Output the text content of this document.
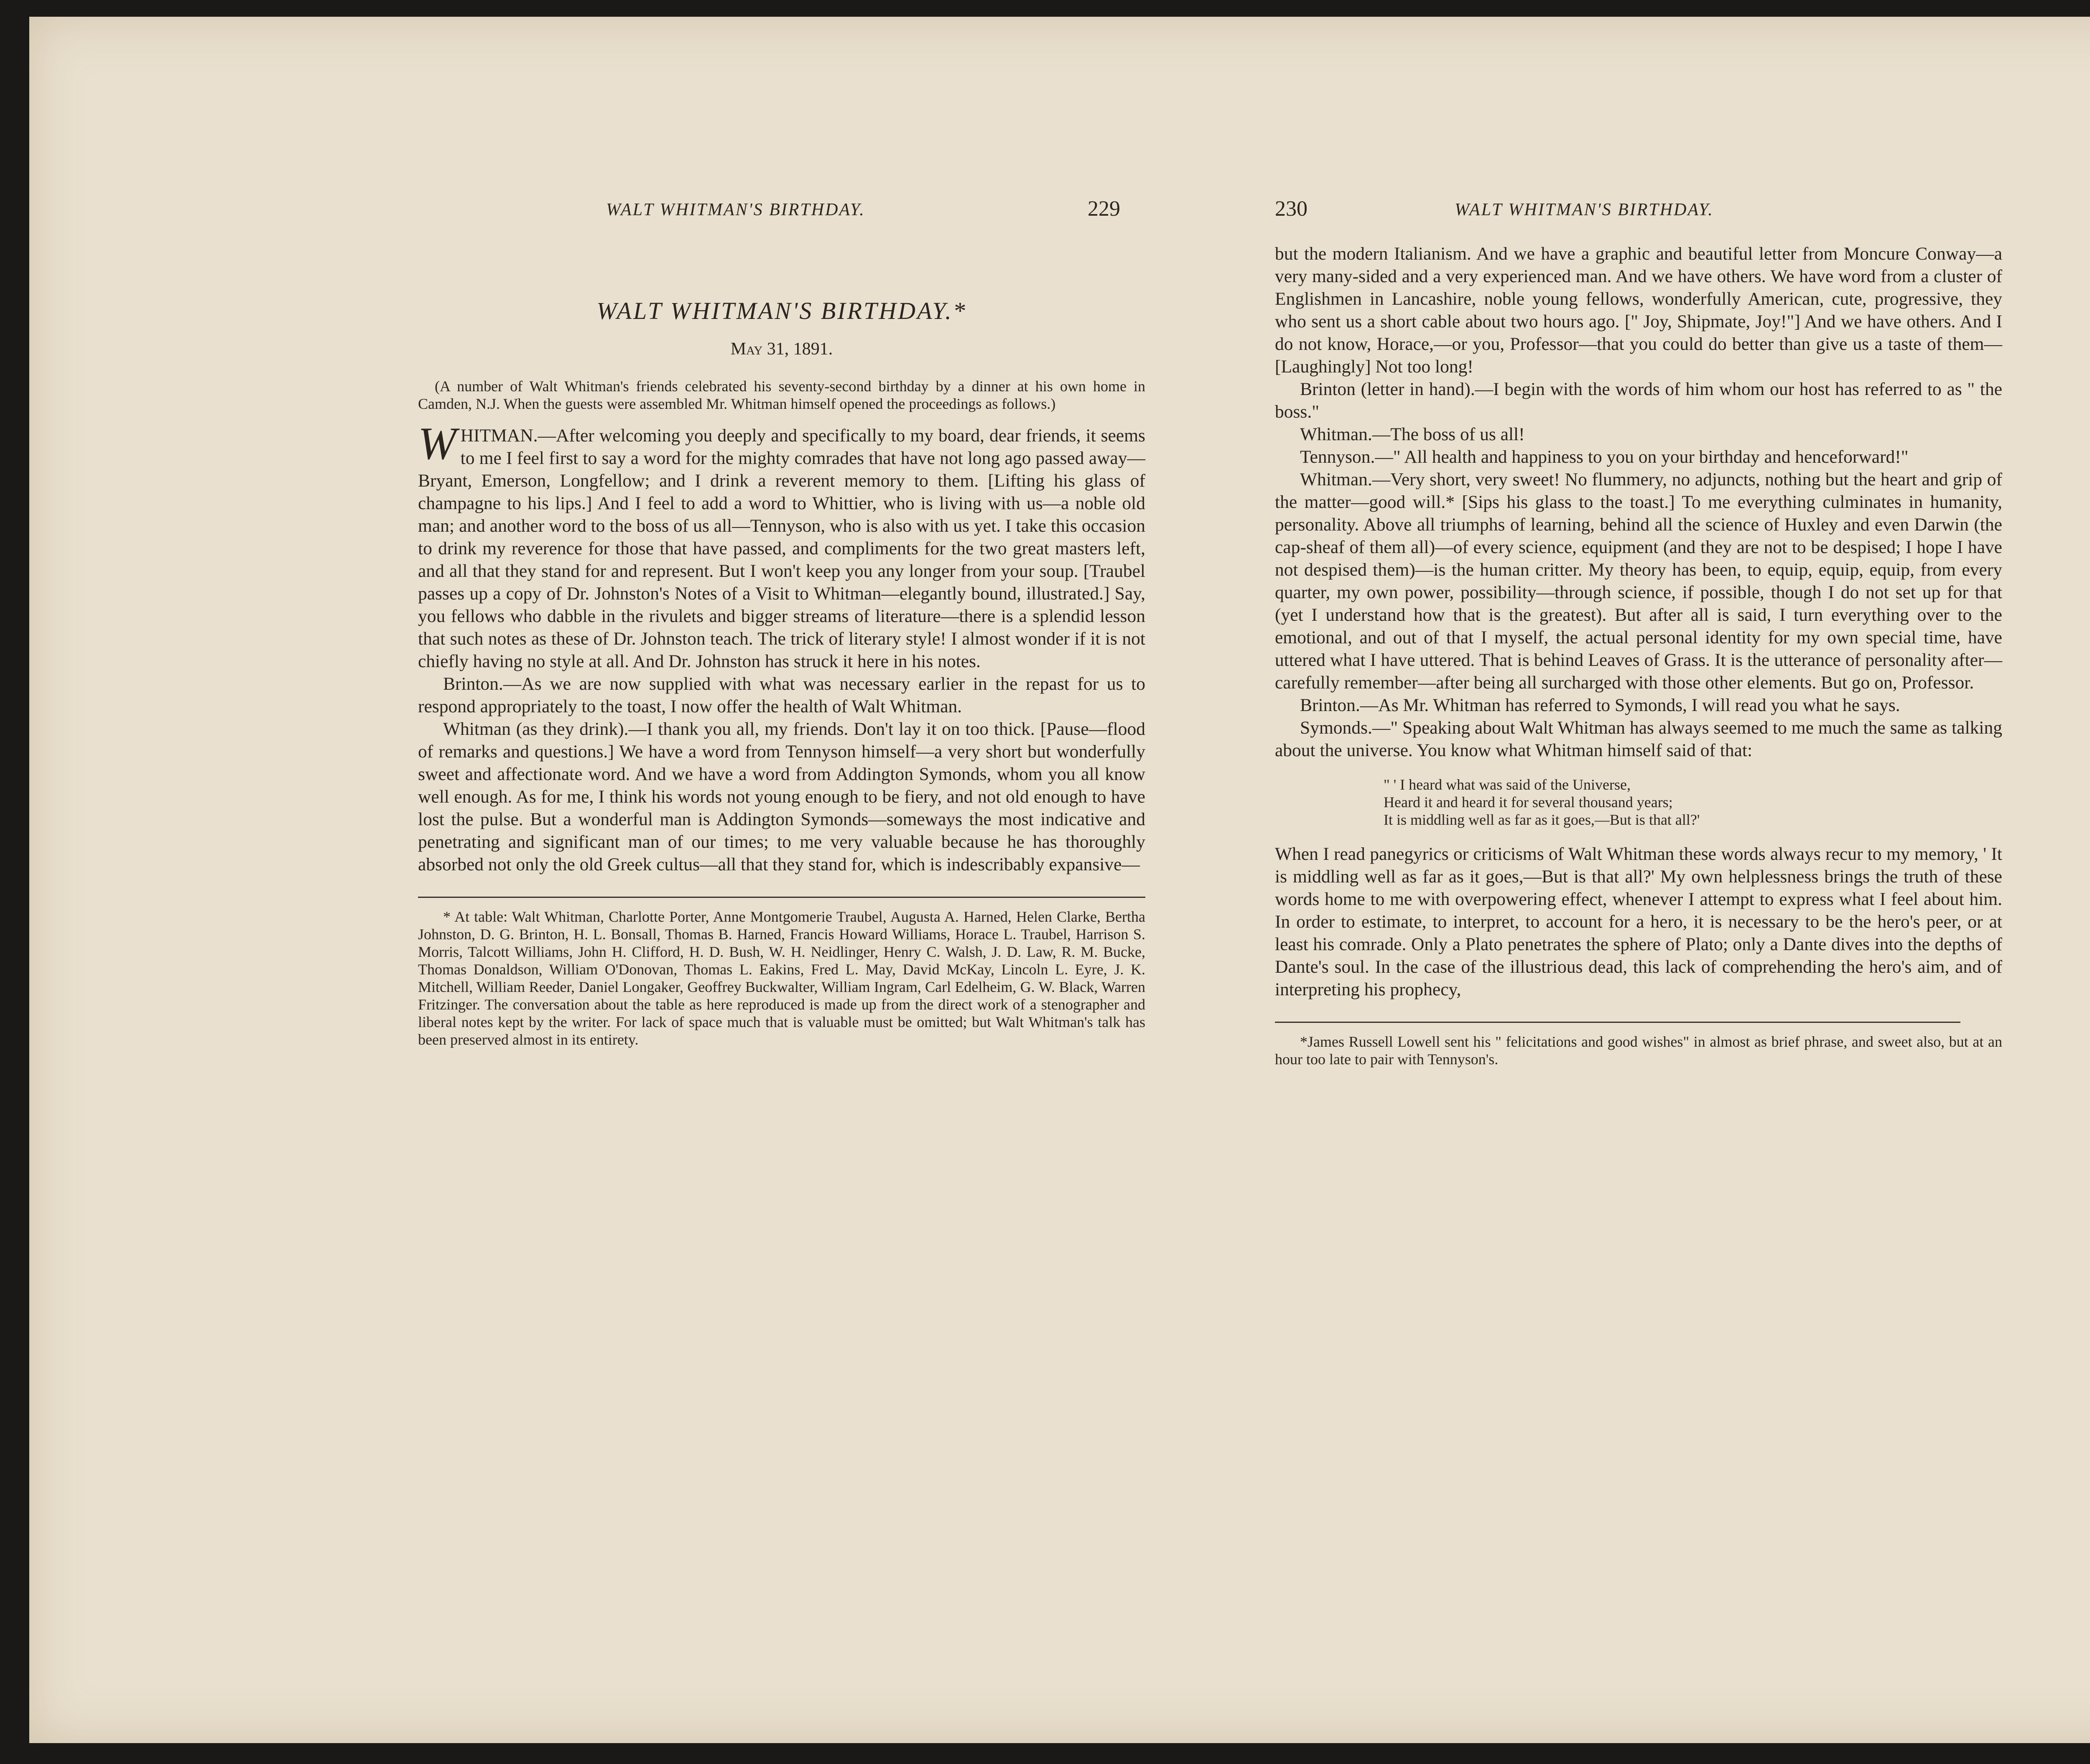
WALT WHITMAN'S BIRTHDAY.	229
WALT WHITMAN'S BIRTHDAY.*
May 31, 1891.

(A number of Walt Whitman's friends celebrated his seventy-second birthday by a dinner at his own home in Camden, N.J. When the guests were assembled Mr. Whitman himself opened the proceedings as follows.)

WHITMAN.—After welcoming you deeply and specifically to my board, dear friends, it seems to me I feel first to say a word for the mighty comrades that have not long ago passed away—Bryant, Emerson, Longfellow; and I drink a reverent memory to them. [Lifting his glass of champagne to his lips.] And I feel to add a word to Whittier, who is living with us—a noble old man; and another word to the boss of us all—Tennyson, who is also with us yet. I take this occasion to drink my reverence for those that have passed, and compliments for the two great masters left, and all that they stand for and represent. But I won't keep you any longer from your soup. [Traubel passes up a copy of Dr. Johnston's Notes of a Visit to Whitman—elegantly bound, illustrated.] Say, you fellows who dabble in the rivulets and bigger streams of literature—there is a splendid lesson that such notes as these of Dr. Johnston teach. The trick of literary style! I almost wonder if it is not chiefly having no style at all. And Dr. Johnston has struck it here in his notes.

Brinton.—As we are now supplied with what was necessary earlier in the repast for us to respond appropriately to the toast, I now offer the health of Walt Whitman.

Whitman (as they drink).—I thank you all, my friends. Don't lay it on too thick. [Pause—flood of remarks and questions.] We have a word from Tennyson himself—a very short but wonderfully sweet and affectionate word. And we have a word from Addington Symonds, whom you all know well enough. As for me, I think his words not young enough to be fiery, and not old enough to have lost the pulse. But a wonderful man is Addington Symonds—someways the most indicative and penetrating and significant man of our times; to me very valuable because he has thoroughly absorbed not only the old Greek cultus—all that they stand for, which is indescribably expansive—

* At table: Walt Whitman, Charlotte Porter, Anne Montgomerie Traubel, Augusta A. Harned, Helen Clarke, Bertha Johnston, D. G. Brinton, H. L. Bonsall, Thomas B. Harned, Francis Howard Williams, Horace L. Traubel, Harrison S. Morris, Talcott Williams, John H. Clifford, H. D. Bush, W. H. Neidlinger, Henry C. Walsh, J. D. Law, R. M. Bucke, Thomas Donaldson, William O'Donovan, Thomas L. Eakins, Fred L. May, David McKay, Lincoln L. Eyre, J. K. Mitchell, William Reeder, Daniel Longaker, Geoffrey Buckwalter, William Ingram, Carl Edelheim, G. W. Black, Warren Fritzinger. The conversation about the table as here reproduced is made up from the direct work of a stenographer and liberal notes kept by the writer. For lack of space much that is valuable must be omitted; but Walt Whitman's talk has been preserved almost in its entirety.

230	WALT WHITMAN'S BIRTHDAY.

but the modern Italianism. And we have a graphic and beautiful letter from Moncure Conway—a very many-sided and a very experienced man. And we have others. We have word from a cluster of Englishmen in Lancashire, noble young fellows, wonderfully American, cute, progressive, they who sent us a short cable about two hours ago. [" Joy, Shipmate, Joy!"] And we have others. And I do not know, Horace,—or you, Professor—that you could do better than give us a taste of them—[Laughingly] Not too long!

Brinton (letter in hand).—I begin with the words of him whom our host has referred to as " the boss."

Whitman.—The boss of us all!

Tennyson.—" All health and happiness to you on your birthday and henceforward!"

Whitman.—Very short, very sweet! No flummery, no adjuncts, nothing but the heart and grip of the matter—good will.* [Sips his glass to the toast.] To me everything culminates in humanity, personality. Above all triumphs of learning, behind all the science of Huxley and even Darwin (the cap-sheaf of them all)—of every science, equipment (and they are not to be despised; I hope I have not despised them)—is the human critter. My theory has been, to equip, equip, equip, from every quarter, my own power, possibility—through science, if possible, though I do not set up for that (yet I understand how that is the greatest). But after all is said, I turn everything over to the emotional, and out of that I myself, the actual personal identity for my own special time, have uttered what I have uttered. That is behind Leaves of Grass. It is the utterance of personality after—carefully remember—after being all surcharged with those other elements. But go on, Professor.

Brinton.—As Mr. Whitman has referred to Symonds, I will read you what he says.

Symonds.—" Speaking about Walt Whitman has always seemed to me much the same as talking about the universe. You know what Whitman himself said of that:

" ' I heard what was said of the Universe,
Heard it and heard it for several thousand years;
It is middling well as far as it goes,—But is that all?'

When I read panegyrics or criticisms of Walt Whitman these words always recur to my memory, ' It is middling well as far as it goes,—But is that all?' My own helplessness brings the truth of these words home to me with overpowering effect, whenever I attempt to express what I feel about him. In order to estimate, to interpret, to account for a hero, it is necessary to be the hero's peer, or at least his comrade. Only a Plato penetrates the sphere of Plato; only a Dante dives into the depths of Dante's soul. In the case of the illustrious dead, this lack of comprehending the hero's aim, and of interpreting his prophecy,

*James Russell Lowell sent his " felicitations and good wishes" in almost as brief phrase, and sweet also, but at an hour too late to pair with Tennyson's.
